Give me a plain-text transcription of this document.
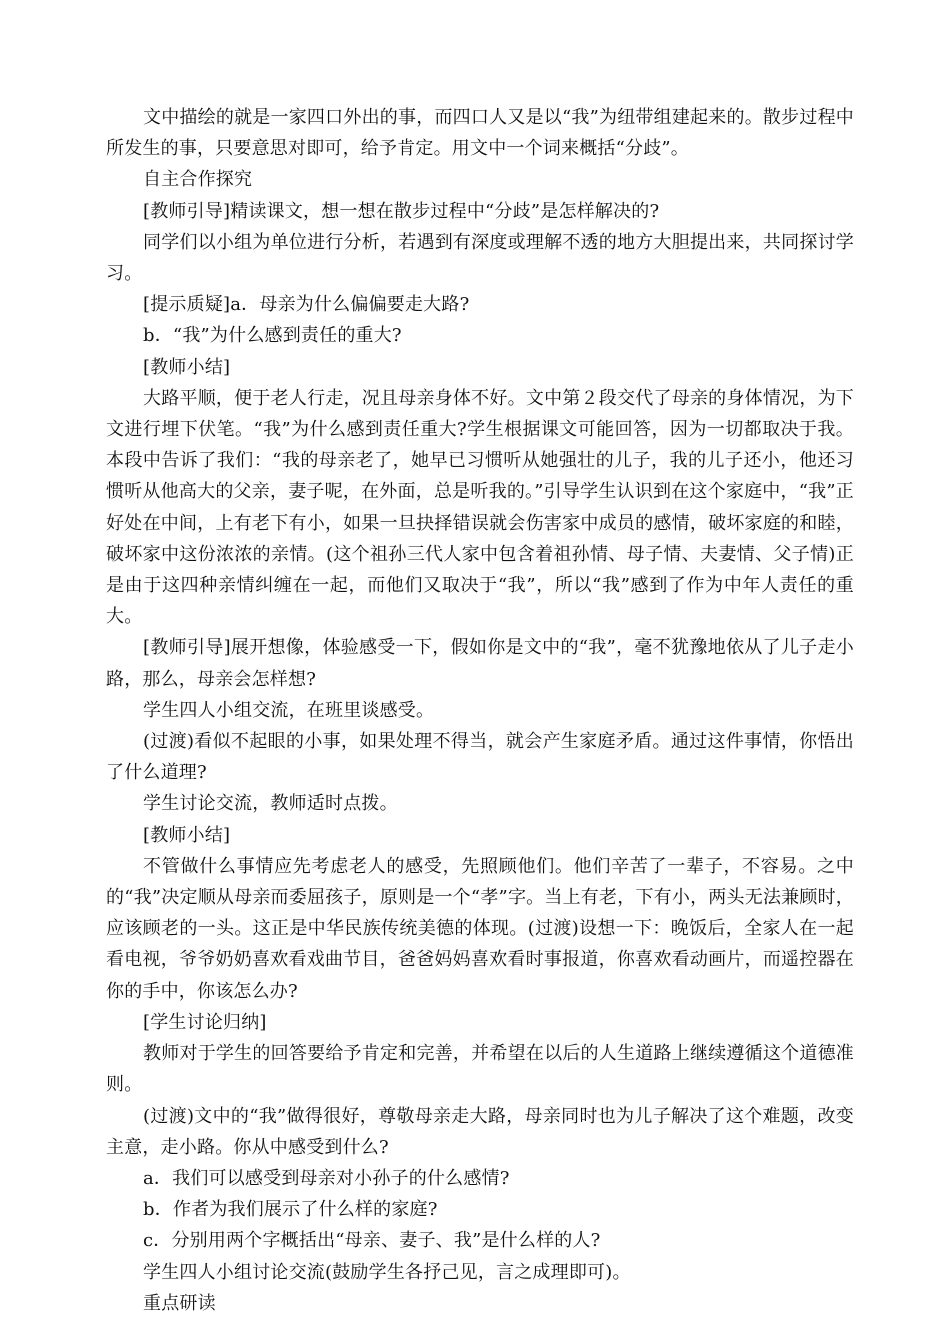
文中描绘的就是一家四口外出的事，而四口人又是以“我”为纽带组建起来的。散步过程中所发生的事，只要意思对即可，给予肯定。用文中一个词来概括“分歧”。

自主合作探究

[教师引导]精读课文，想一想在散步过程中“分歧”是怎样解决的?

同学们以小组为单位进行分析，若遇到有深度或理解不透的地方大胆提出来，共同探讨学习。

[提示质疑]a．母亲为什么偏偏要走大路?

b．“我”为什么感到责任的重大?

[教师小结]

大路平顺，便于老人行走，况且母亲身体不好。文中第２段交代了母亲的身体情况，为下文进行埋下伏笔。“我”为什么感到责任重大?学生根据课文可能回答，因为一切都取决于我。本段中告诉了我们：“我的母亲老了，她早已习惯听从她强壮的儿子，我的儿子还小，他还习惯听从他高大的父亲，妻子呢，在外面，总是听我的。”引导学生认识到在这个家庭中，“我”正好处在中间，上有老下有小，如果一旦抉择错误就会伤害家中成员的感情，破坏家庭的和睦，破坏家中这份浓浓的亲情。(这个祖孙三代人家中包含着祖孙情、母子情、夫妻情、父子情)正是由于这四种亲情纠缠在一起，而他们又取决于“我”，所以“我”感到了作为中年人责任的重大。

[教师引导]展开想像，体验感受一下，假如你是文中的“我”，毫不犹豫地依从了儿子走小路，那么，母亲会怎样想?

学生四人小组交流，在班里谈感受。

(过渡)看似不起眼的小事，如果处理不得当，就会产生家庭矛盾。通过这件事情，你悟出了什么道理?

学生讨论交流，教师适时点拨。

[教师小结]

不管做什么事情应先考虑老人的感受，先照顾他们。他们辛苦了一辈子，不容易。之中的“我”决定顺从母亲而委屈孩子，原则是一个“孝”字。当上有老，下有小，两头无法兼顾时，应该顾老的一头。这正是中华民族传统美德的体现。(过渡)设想一下：晚饭后，全家人在一起看电视，爷爷奶奶喜欢看戏曲节目，爸爸妈妈喜欢看时事报道，你喜欢看动画片，而遥控器在你的手中，你该怎么办?

[学生讨论归纳]

教师对于学生的回答要给予肯定和完善，并希望在以后的人生道路上继续遵循这个道德准则。

(过渡)文中的“我”做得很好，尊敬母亲走大路，母亲同时也为儿子解决了这个难题，改变主意，走小路。你从中感受到什么?

a．我们可以感受到母亲对小孙子的什么感情?

b．作者为我们展示了什么样的家庭?

c．分别用两个字概括出“母亲、妻子、我”是什么样的人?

学生四人小组讨论交流(鼓励学生各抒己见，言之成理即可)。

重点研读
